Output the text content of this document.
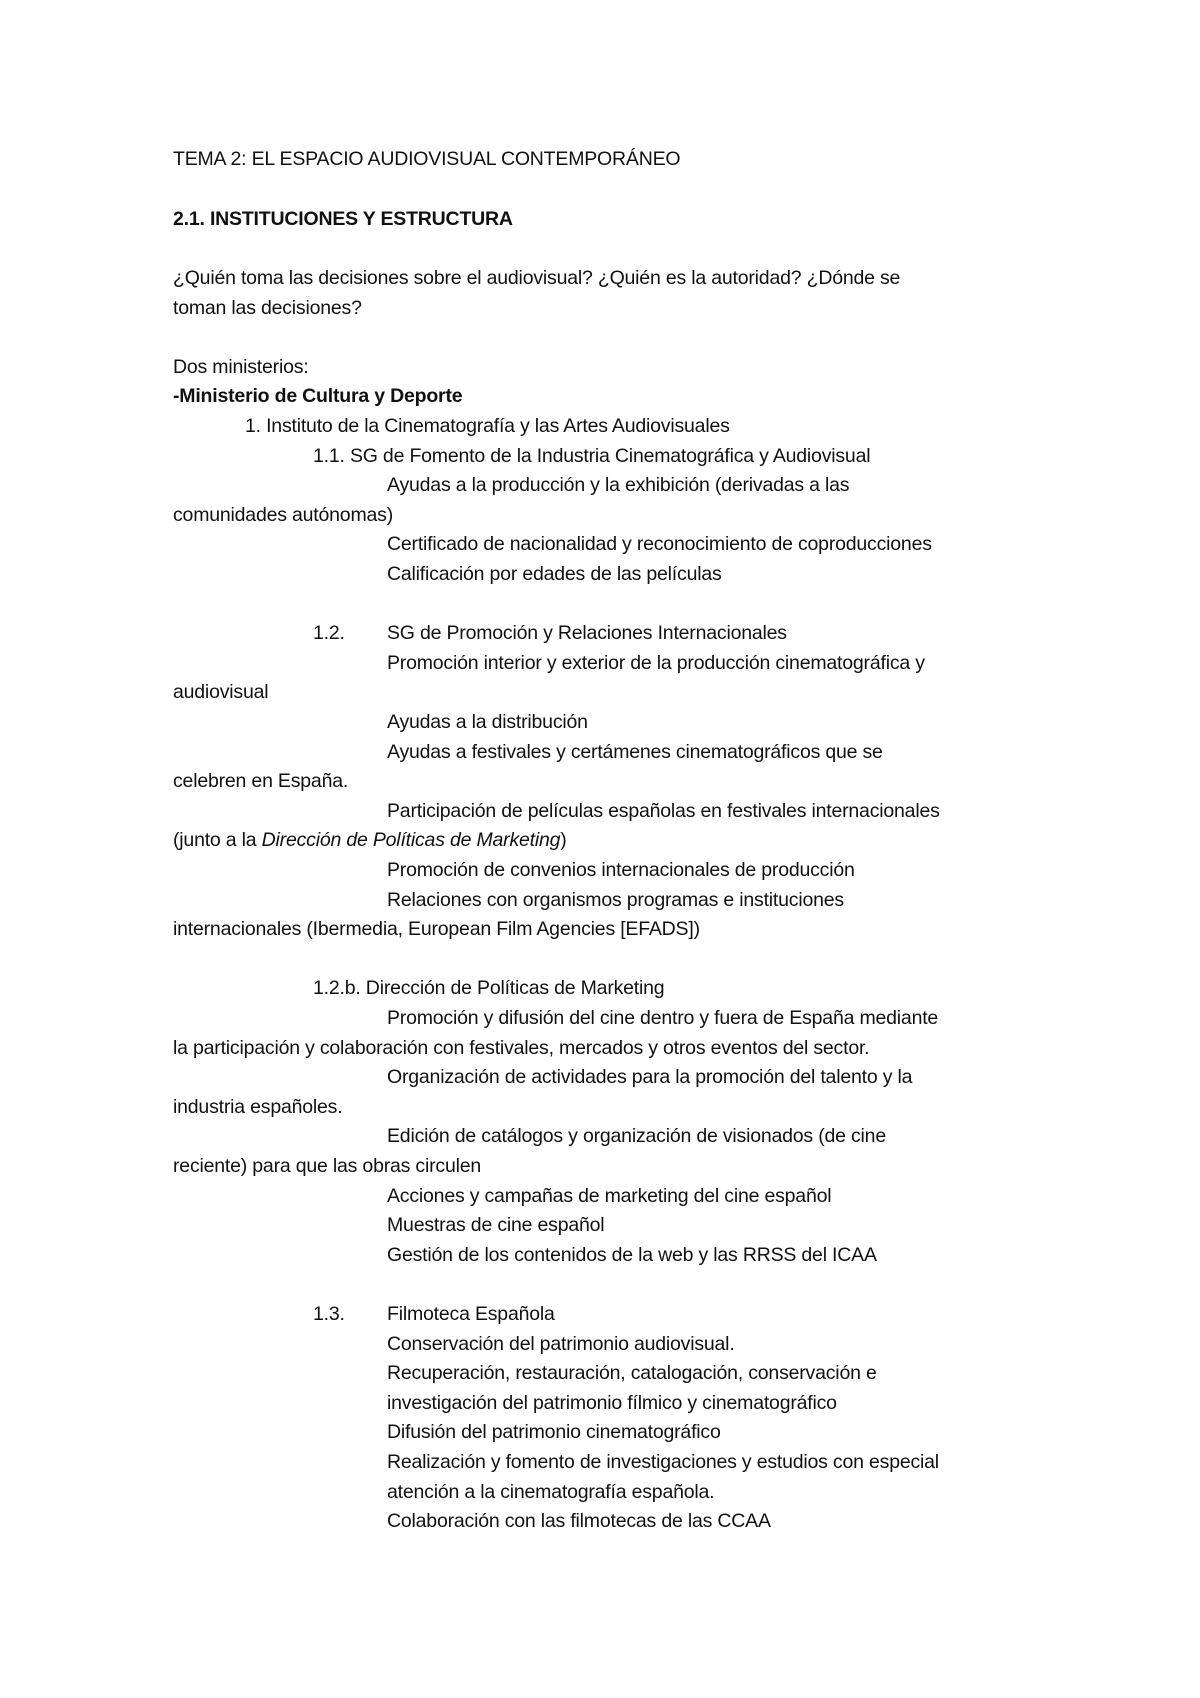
TEMA 2: EL ESPACIO AUDIOVISUAL CONTEMPORÁNEO
2.1. INSTITUCIONES Y ESTRUCTURA
¿Quién toma las decisiones sobre el audiovisual? ¿Quién es la autoridad? ¿Dónde se
toman las decisiones?
Dos ministerios:
-Ministerio de Cultura y Deporte
1. Instituto de la Cinematografía y las Artes Audiovisuales
1.1. SG de Fomento de la Industria Cinematográfica y Audiovisual
Ayudas a la producción y la exhibición (derivadas a las
comunidades autónomas)
Certificado de nacionalidad y reconocimiento de coproducciones
Calificación por edades de las películas
1.2. SG de Promoción y Relaciones Internacionales
Promoción interior y exterior de la producción cinematográfica y
audiovisual
Ayudas a la distribución
Ayudas a festivales y certámenes cinematográficos que se
celebren en España.
Participación de películas españolas en festivales internacionales
(junto a la Dirección de Políticas de Marketing)
Promoción de convenios internacionales de producción
Relaciones con organismos programas e instituciones
internacionales (Ibermedia, European Film Agencies [EFADS])
1.2.b. Dirección de Políticas de Marketing
Promoción y difusión del cine dentro y fuera de España mediante
la participación y colaboración con festivales, mercados y otros eventos del sector.
Organización de actividades para la promoción del talento y la
industria españoles.
Edición de catálogos y organización de visionados (de cine
reciente) para que las obras circulen
Acciones y campañas de marketing del cine español
Muestras de cine español
Gestión de los contenidos de la web y las RRSS del ICAA
1.3. Filmoteca Española
Conservación del patrimonio audiovisual.
Recuperación, restauración, catalogación, conservación e
investigación del patrimonio fílmico y cinematográfico
Difusión del patrimonio cinematográfico
Realización y fomento de investigaciones y estudios con especial
atención a la cinematografía española.
Colaboración con las filmotecas de las CCAA
